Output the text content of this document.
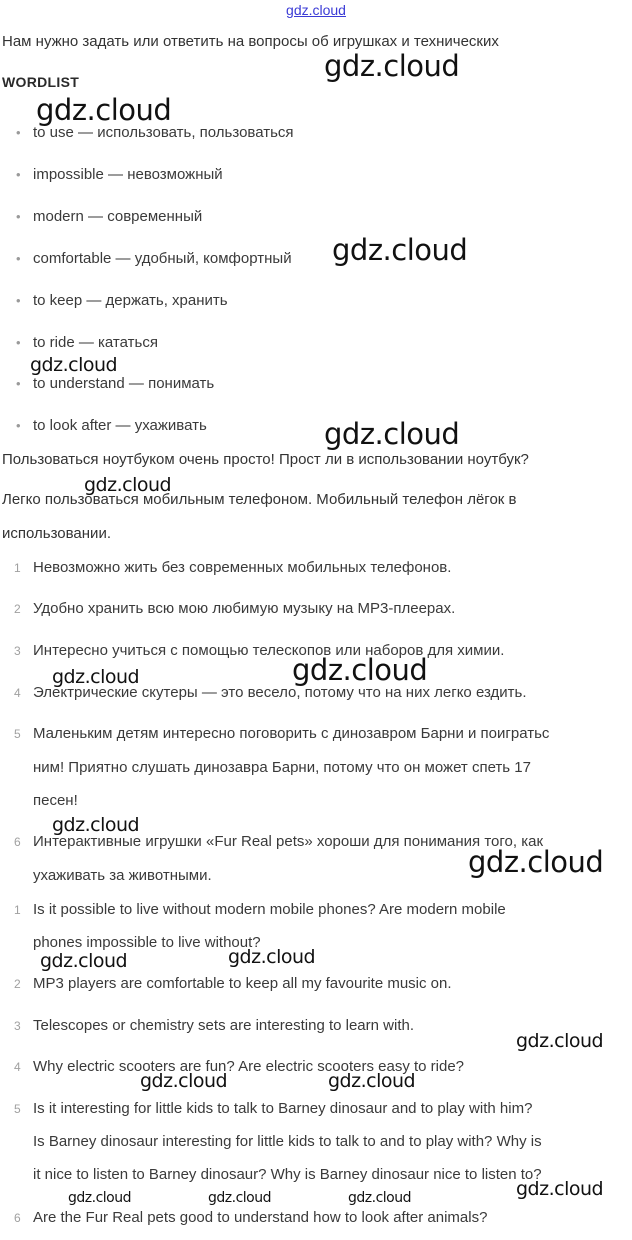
gdz.cloud
Нам нужно задать или ответить на вопросы об игрушках и технических
WORDLIST
• to use — использовать, пользоваться
• impossible — невозможный
• modern — современный
• comfortable — удобный, комфортный
• to keep — держать, хранить
• to ride — кататься
• to understand — понимать
• to look after — ухаживать
Пользоваться ноутбуком очень просто! Прост ли в использовании ноутбук?
Легко пользоваться мобильным телефоном. Мобильный телефон лёгок в
использовании.
1 Невозможно жить без современных мобильных телефонов.
2 Удобно хранить всю мою любимую музыку на MP3-плеерах.
3 Интересно учиться с помощью телескопов или наборов для химии.
4 Электрические скутеры — это весело, потому что на них легко ездить.
5 Маленьким детям интересно поговорить с динозавром Барни и поигратьс
ним! Приятно слушать динозавра Барни, потому что он может спеть 17
песен!
6 Интерактивные игрушки «Fur Real pets» хороши для понимания того, как
ухаживать за животными.
1 Is it possible to live without modern mobile phones? Are modern mobile
phones impossible to live without?
2 MP3 players are comfortable to keep all my favourite music on.
3 Telescopes or chemistry sets are interesting to learn with.
4 Why electric scooters are fun? Are electric scooters easy to ride?
5 Is it interesting for little kids to talk to Barney dinosaur and to play with him?
Is Barney dinosaur interesting for little kids to talk to and to play with? Why is
it nice to listen to Barney dinosaur? Why is Barney dinosaur nice to listen to?
6 Are the Fur Real pets good to understand how to look after animals?
gdz.cloud
gdz.cloud
gdz.cloud
gdz.cloud
gdz.cloud
gdz.cloud
gdz.cloud
gdz.cloud
gdz.cloud
gdz.cloud
gdz.cloud
gdz.cloud
gdz.cloud
gdz.cloud	gdz.cloud
gdz.cloud
gdz.cloud	gdz.cloud	gdz.cloud
